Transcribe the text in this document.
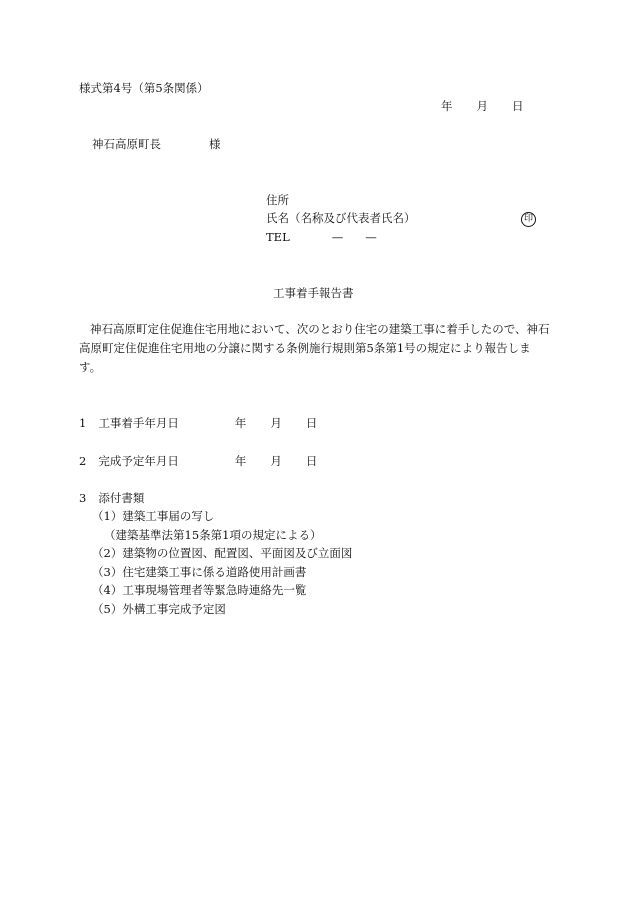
様式第4号（第5条関係）
年 月 日
神石高原町長	様
住所
氏名（名称及び代表者氏名）	印
TEL	— —
工事着手報告書
神石高原町定住促進住宅用地において、次のとおり住宅の建築工事に着手したので、神石高原町定住促進住宅用地の分譲に関する条例施行規則第5条第1号の規定により報告します。
1 工事着手年月日	年 月 日
2 完成予定年月日	年 月 日
3 添付書類
（1）建築工事届の写し
（建築基準法第15条第1項の規定による）
（2）建築物の位置図、配置図、平面図及び立面図
（3）住宅建築工事に係る道路使用計画書
（4）工事現場管理者等緊急時連絡先一覧
（5）外構工事完成予定図
